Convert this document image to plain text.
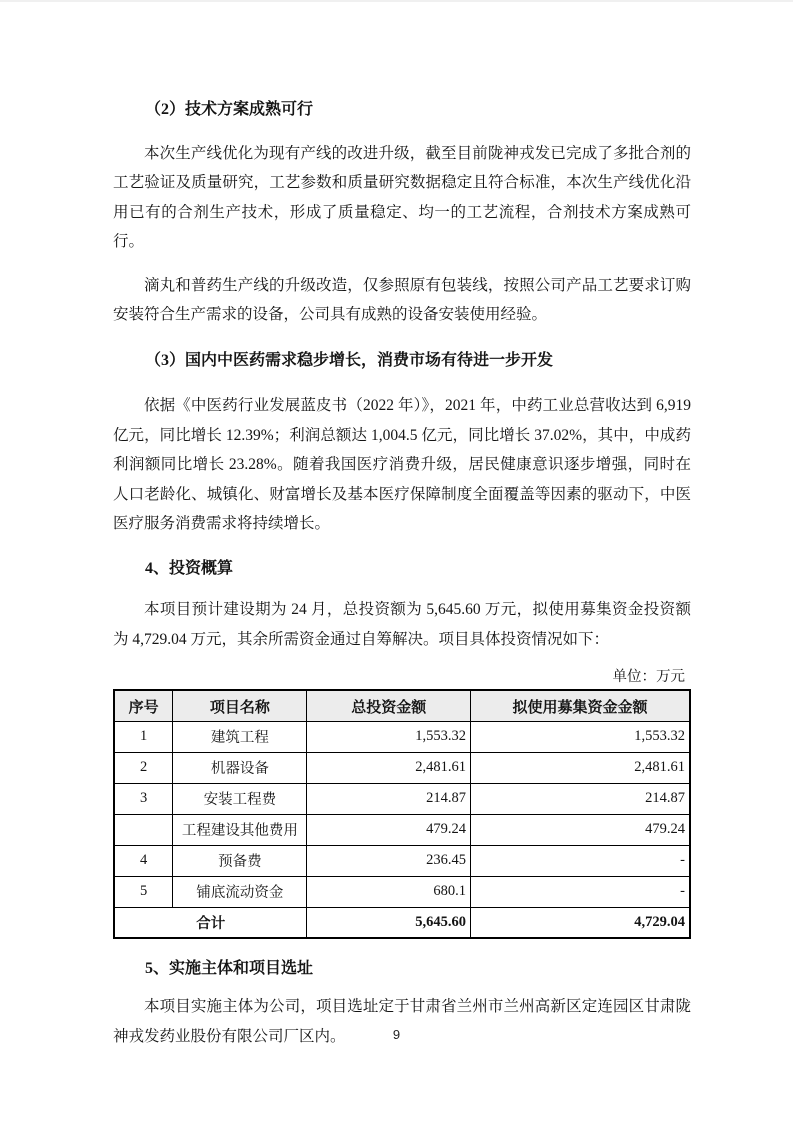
（2）技术方案成熟可行

本次生产线优化为现有产线的改进升级，截至目前陇神戎发已完成了多批合剂的工艺验证及质量研究，工艺参数和质量研究数据稳定且符合标准，本次生产线优化沿用已有的合剂生产技术，形成了质量稳定、均一的工艺流程，合剂技术方案成熟可行。

滴丸和普药生产线的升级改造，仅参照原有包装线，按照公司产品工艺要求订购安装符合生产需求的设备，公司具有成熟的设备安装使用经验。

（3）国内中医药需求稳步增长，消费市场有待进一步开发

依据《中医药行业发展蓝皮书（2022 年）》，2021 年，中药工业总营收达到 6,919 亿元，同比增长 12.39%；利润总额达 1,004.5 亿元，同比增长 37.02%，其中，中成药利润额同比增长 23.28%。随着我国医疗消费升级，居民健康意识逐步增强，同时在人口老龄化、城镇化、财富增长及基本医疗保障制度全面覆盖等因素的驱动下，中医医疗服务消费需求将持续增长。

4、投资概算

本项目预计建设期为 24 月，总投资额为 5,645.60 万元，拟使用募集资金投资额为 4,729.04 万元，其余所需资金通过自筹解决。项目具体投资情况如下：

单位：万元
序号	项目名称	总投资金额	拟使用募集资金金额
1	建筑工程	1,553.32	1,553.32
2	机器设备	2,481.61	2,481.61
3	安装工程费	214.87	214.87
	工程建设其他费用	479.24	479.24
4	预备费	236.45	-
5	铺底流动资金	680.1	-
合计		5,645.60	4,729.04
5、实施主体和项目选址

本项目实施主体为公司，项目选址定于甘肃省兰州市兰州高新区定连园区甘肃陇神戎发药业股份有限公司厂区内。	9
